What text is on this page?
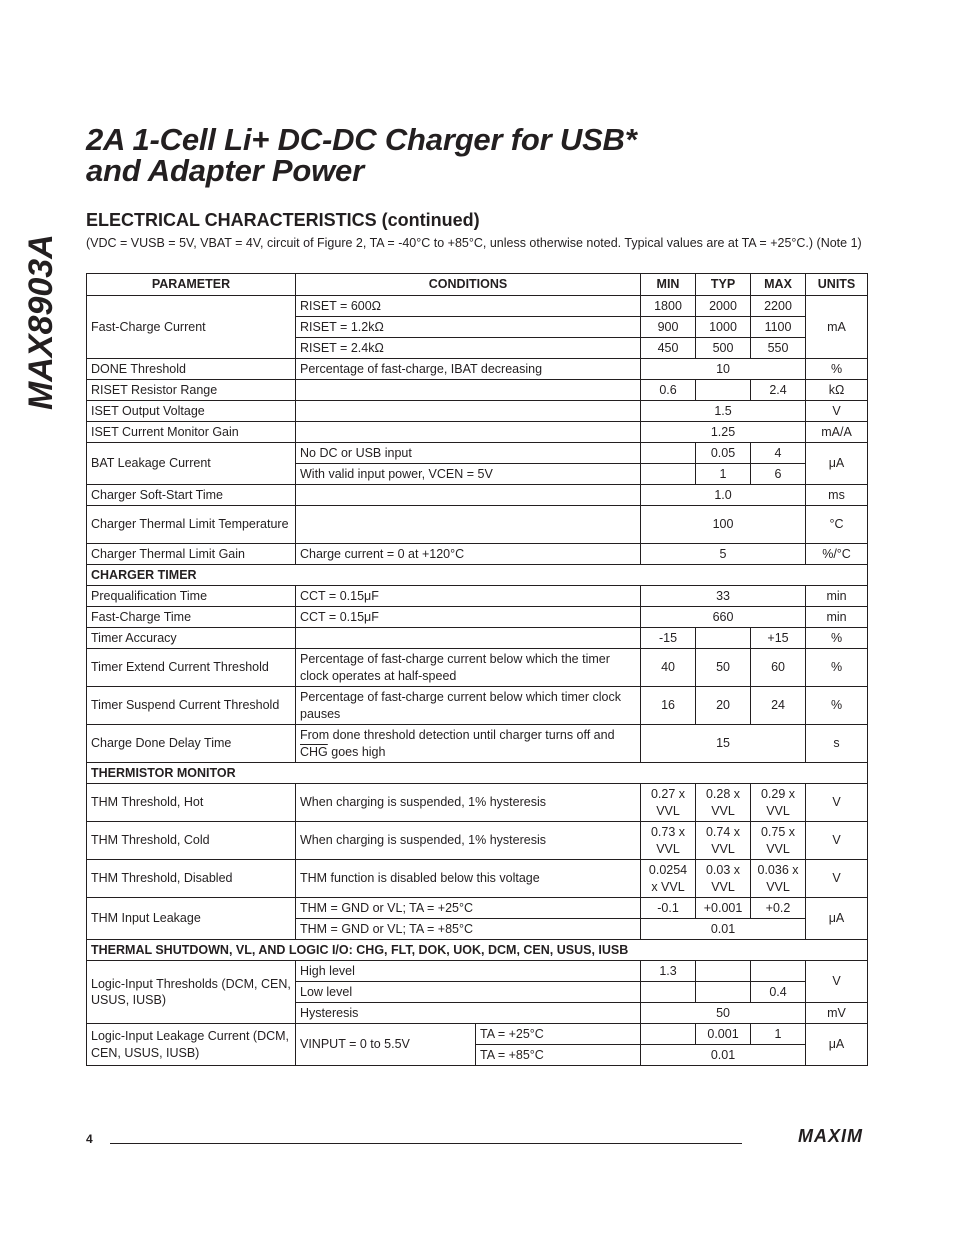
MAX8903A
2A 1-Cell Li+ DC-DC Charger for USB*
and Adapter Power
ELECTRICAL CHARACTERISTICS (continued)
(VDC = VUSB = 5V, VBAT = 4V, circuit of Figure 2, TA = -40°C to +85°C, unless otherwise noted. Typical values are at TA = +25°C.) (Note 1)
PARAMETER	CONDITIONS		MIN	TYP	MAX	UNITS
Fast-Charge Current	RISET = 600Ω		1800	2000	2200	mA
	RISET = 1.2kΩ		900	1000	1100	
	RISET = 2.4kΩ		450	500	550	
DONE Threshold	Percentage of fast-charge, IBAT decreasing		10			%
RISET Resistor Range			0.6		2.4	kΩ
ISET Output Voltage			1.5			V
ISET Current Monitor Gain			1.25			mA/A
BAT Leakage Current	No DC or USB input			0.05	4	μA
	With valid input power, VCEN = 5V			1	6	
Charger Soft-Start Time			1.0			ms
Charger Thermal Limit Temperature			100			°C
Charger Thermal Limit Gain	Charge current = 0 at +120°C		5			%/°C
CHARGER TIMER						
Prequalification Time	CCT = 0.15μF		33			min
Fast-Charge Time	CCT = 0.15μF		660			min
Timer Accuracy			-15		+15	%
Timer Extend Current Threshold	Percentage of fast-charge current below which the timer clock operates at half-speed		40	50	60	%
Timer Suspend Current Threshold	Percentage of fast-charge current below which timer clock pauses		16	20	24	%
Charge Done Delay Time	From done threshold detection until charger turns off and $\overline{CHG}$ goes high		15			s
THERMISTOR MONITOR						
THM Threshold, Hot	When charging is suspended, 1% hysteresis		0.27 x VVL	0.28 x VVL	0.29 x VVL	V
THM Threshold, Cold	When charging is suspended, 1% hysteresis		0.73 x VVL	0.74 x VVL	0.75 x VVL	V
THM Threshold, Disabled	THM function is disabled below this voltage		0.0254 x VVL	0.03 x VVL	0.036 x VVL	V
THM Input Leakage	THM = GND or VL; TA = +25°C		-0.1	+0.001	+0.2	μA
	THM = GND or VL; TA = +85°C		0.01			
THERMAL SHUTDOWN, VL, AND LOGIC I/O: CHG, FLT, DOK, UOK, DCM, CEN, USUS, IUSB						
Logic-Input Thresholds (DCM, CEN, USUS, IUSB)	High level		1.3			V
	Low level				0.4	
	Hysteresis		50			mV
Logic-Input Leakage Current (DCM, CEN, USUS, IUSB)	VINPUT = 0 to 5.5V	TA = +25°C		0.001	1	μA
		TA = +85°C	0.01			
4	MAXIM
